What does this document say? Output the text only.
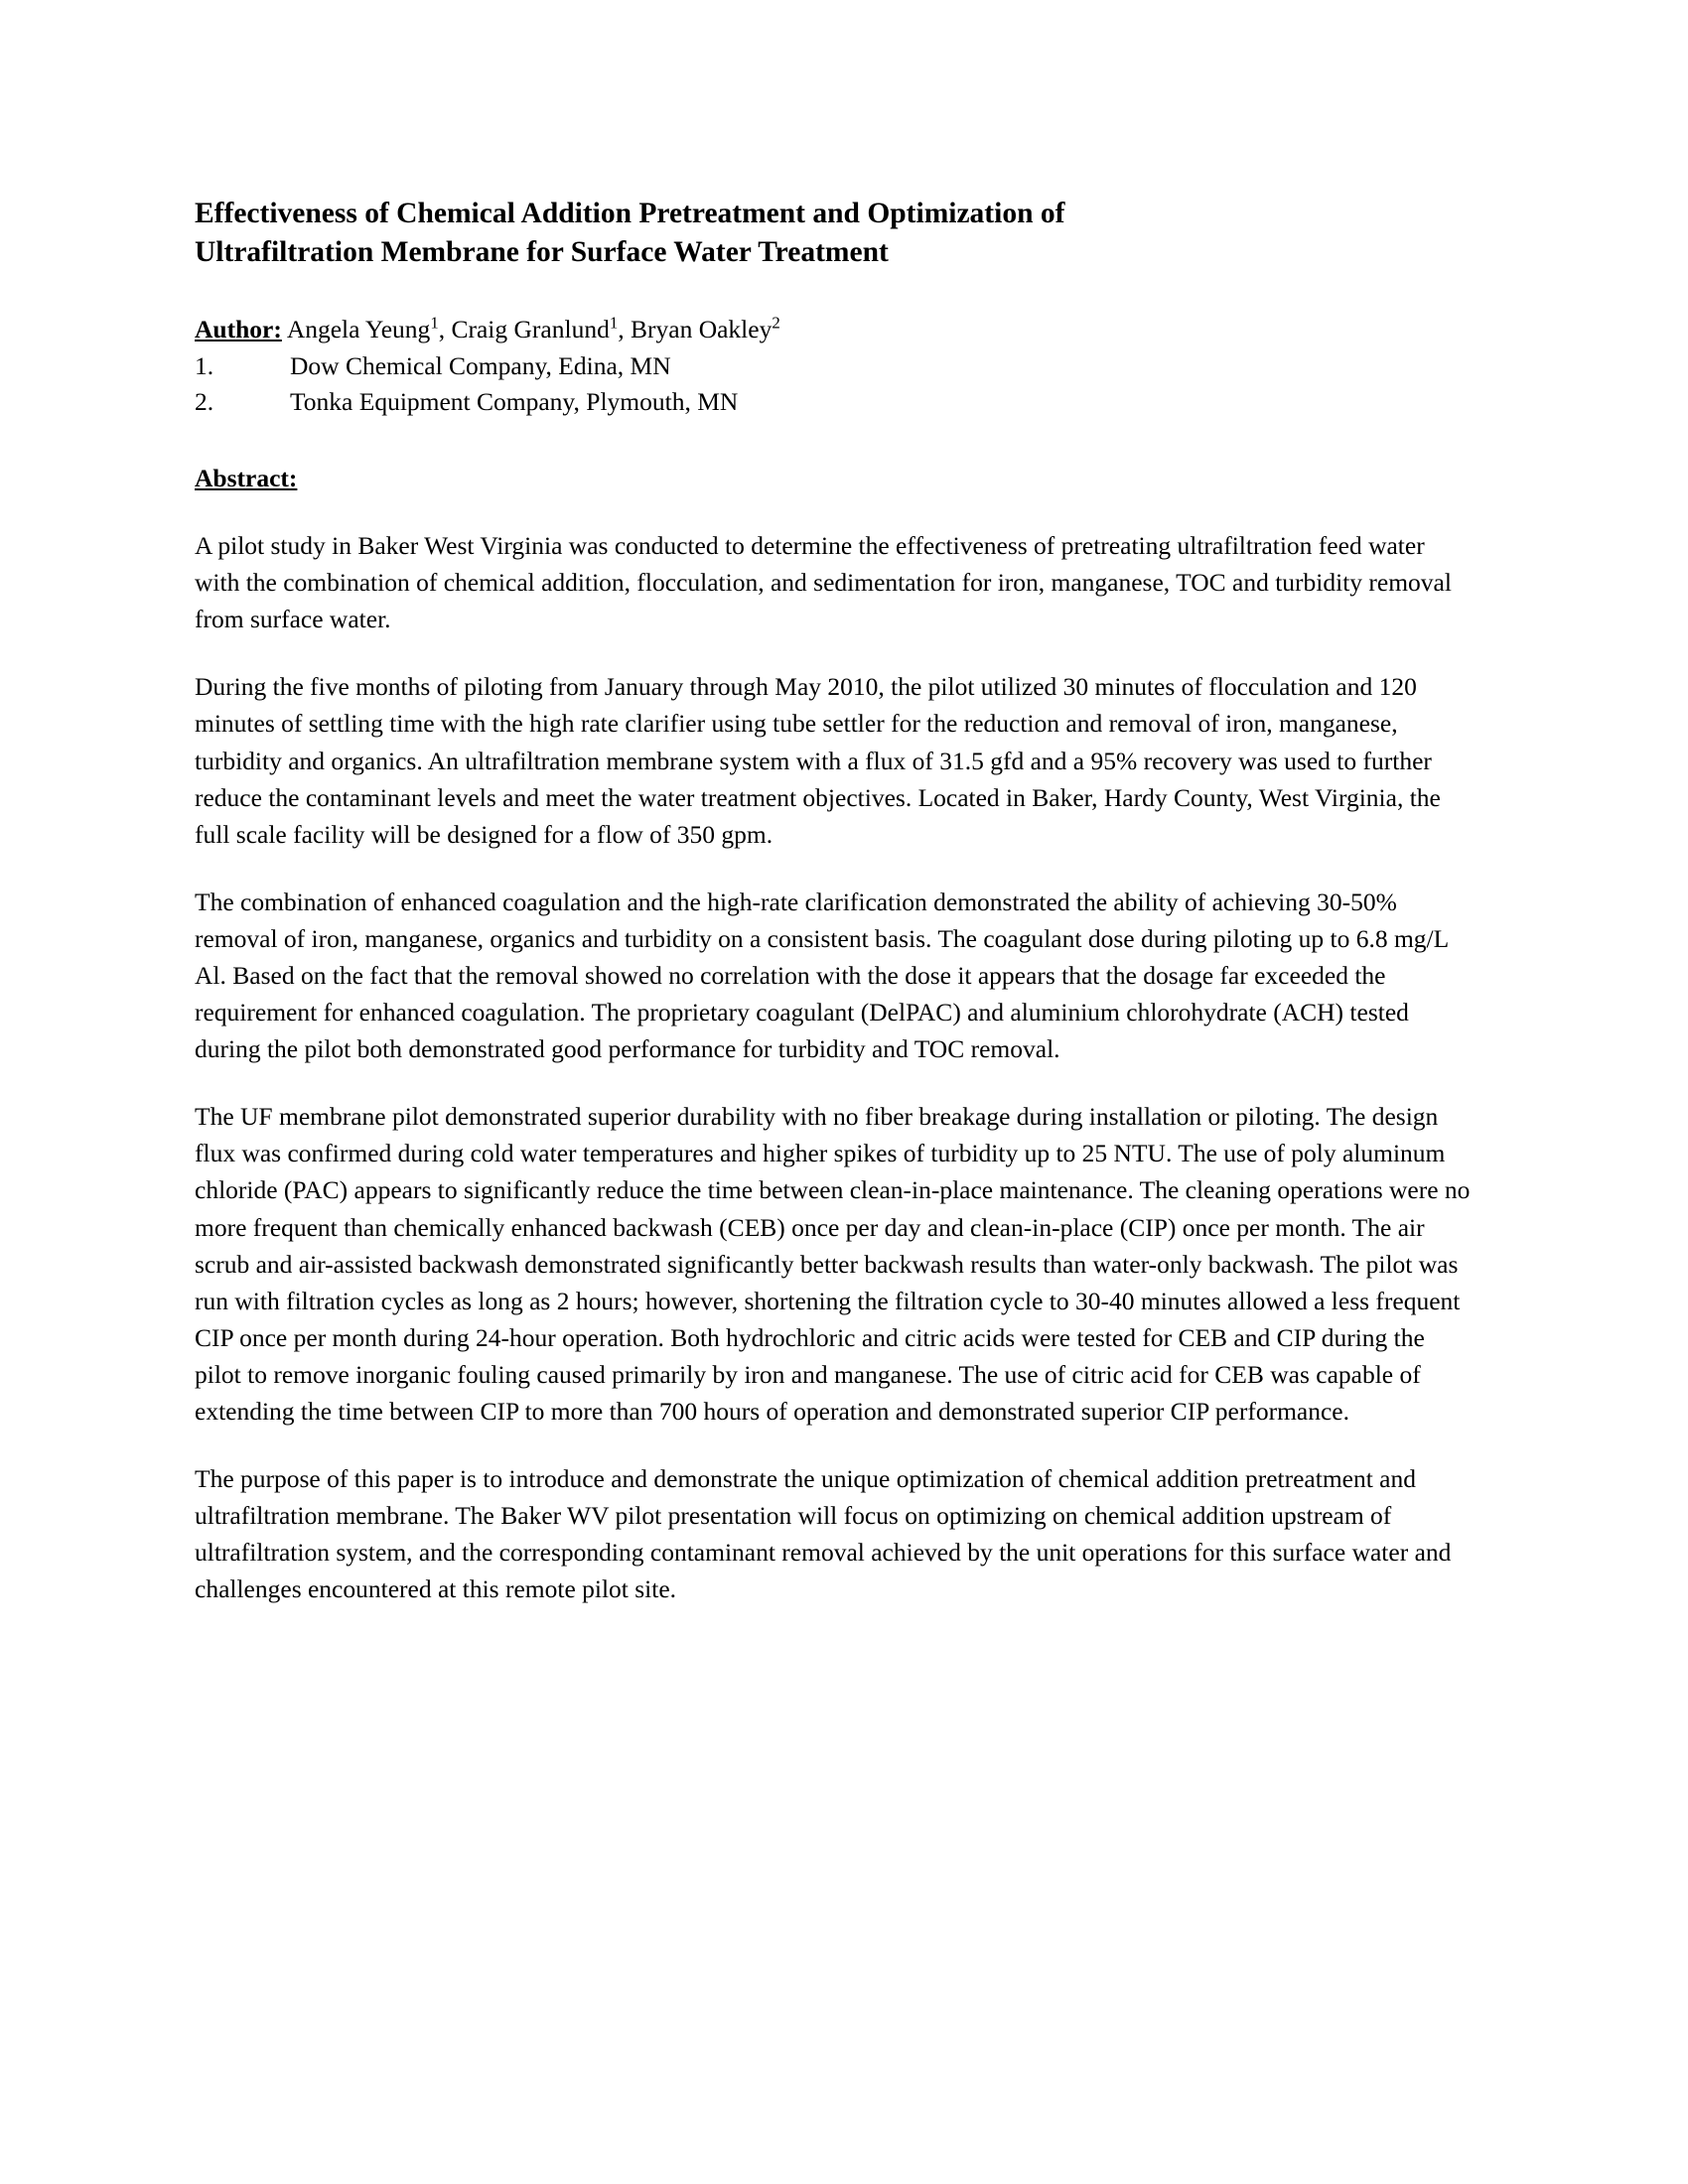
Effectiveness of Chemical Addition Pretreatment and Optimization of
Ultrafiltration Membrane for Surface Water Treatment

Author: Angela Yeung$^1$, Craig Granlund$^1$, Bryan Oakley$^2$

1.	Dow Chemical Company, Edina, MN
2.	Tonka Equipment Company, Plymouth, MN
Abstract:

A pilot study in Baker West Virginia was conducted to determine the effectiveness of pretreating ultrafiltration feed water with the combination of chemical addition, flocculation, and sedimentation for iron, manganese, TOC and turbidity removal from surface water.

During the five months of piloting from January through May 2010, the pilot utilized 30 minutes of flocculation and 120 minutes of settling time with the high rate clarifier using tube settler for the reduction and removal of iron, manganese, turbidity and organics. An ultrafiltration membrane system with a flux of 31.5 gfd and a 95% recovery was used to further reduce the contaminant levels and meet the water treatment objectives. Located in Baker, Hardy County, West Virginia, the full scale facility will be designed for a flow of 350 gpm.

The combination of enhanced coagulation and the high-rate clarification demonstrated the ability of achieving 30-50% removal of iron, manganese, organics and turbidity on a consistent basis. The coagulant dose during piloting up to 6.8 mg/L Al. Based on the fact that the removal showed no correlation with the dose it appears that the dosage far exceeded the requirement for enhanced coagulation. The proprietary coagulant (DelPAC) and aluminium chlorohydrate (ACH) tested during the pilot both demonstrated good performance for turbidity and TOC removal.

The UF membrane pilot demonstrated superior durability with no fiber breakage during installation or piloting. The design flux was confirmed during cold water temperatures and higher spikes of turbidity up to 25 NTU. The use of poly aluminum chloride (PAC) appears to significantly reduce the time between clean-in-place maintenance. The cleaning operations were no more frequent than chemically enhanced backwash (CEB) once per day and clean-in-place (CIP) once per month. The air scrub and air-assisted backwash demonstrated significantly better backwash results than water-only backwash. The pilot was run with filtration cycles as long as 2 hours; however, shortening the filtration cycle to 30-40 minutes allowed a less frequent CIP once per month during 24-hour operation. Both hydrochloric and citric acids were tested for CEB and CIP during the pilot to remove inorganic fouling caused primarily by iron and manganese. The use of citric acid for CEB was capable of extending the time between CIP to more than 700 hours of operation and demonstrated superior CIP performance.

The purpose of this paper is to introduce and demonstrate the unique optimization of chemical addition pretreatment and ultrafiltration membrane. The Baker WV pilot presentation will focus on optimizing on chemical addition upstream of ultrafiltration system, and the corresponding contaminant removal achieved by the unit operations for this surface water and challenges encountered at this remote pilot site.
